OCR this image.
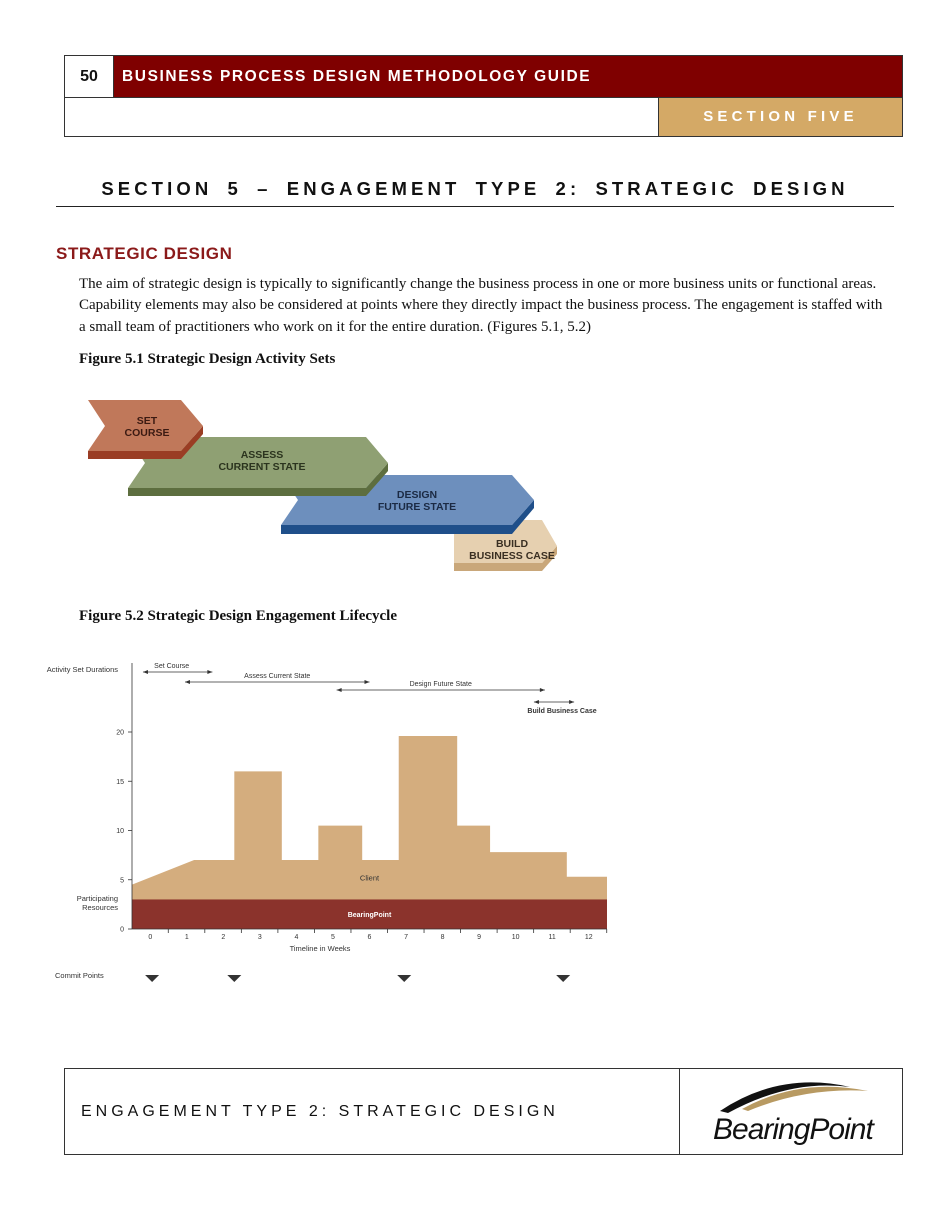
50	BUSINESS PROCESS DESIGN METHODOLOGY GUIDE
SECTION FIVE
SECTION 5 – ENGAGEMENT TYPE 2: STRATEGIC DESIGN
STRATEGIC DESIGN
The aim of strategic design is typically to significantly change the business process in one or more business units or functional areas. Capability elements may also be considered at points where they directly impact the business process. The engagement is staffed with a small team of practitioners who work on it for the entire duration. (Figures 5.1, 5.2)
Figure 5.1 Strategic Design Activity Sets
BUILD
BUSINESS CASE
DESIGN
FUTURE STATE
ASSESS
CURRENT STATE
SET
COURSE
Figure 5.2 Strategic Design Engagement Lifecycle
BearingPoint
Client
0
5
10
15
20
0	1	2	3	4	5	6	7	8	9	10	11	12
Set Course
Assess Current State
Design Future State
Build Business Case
Activity Set Durations
Participating Resources
Timeline in Weeks
Commit Points
ENGAGEMENT TYPE 2: STRATEGIC DESIGN
BearingPoint
